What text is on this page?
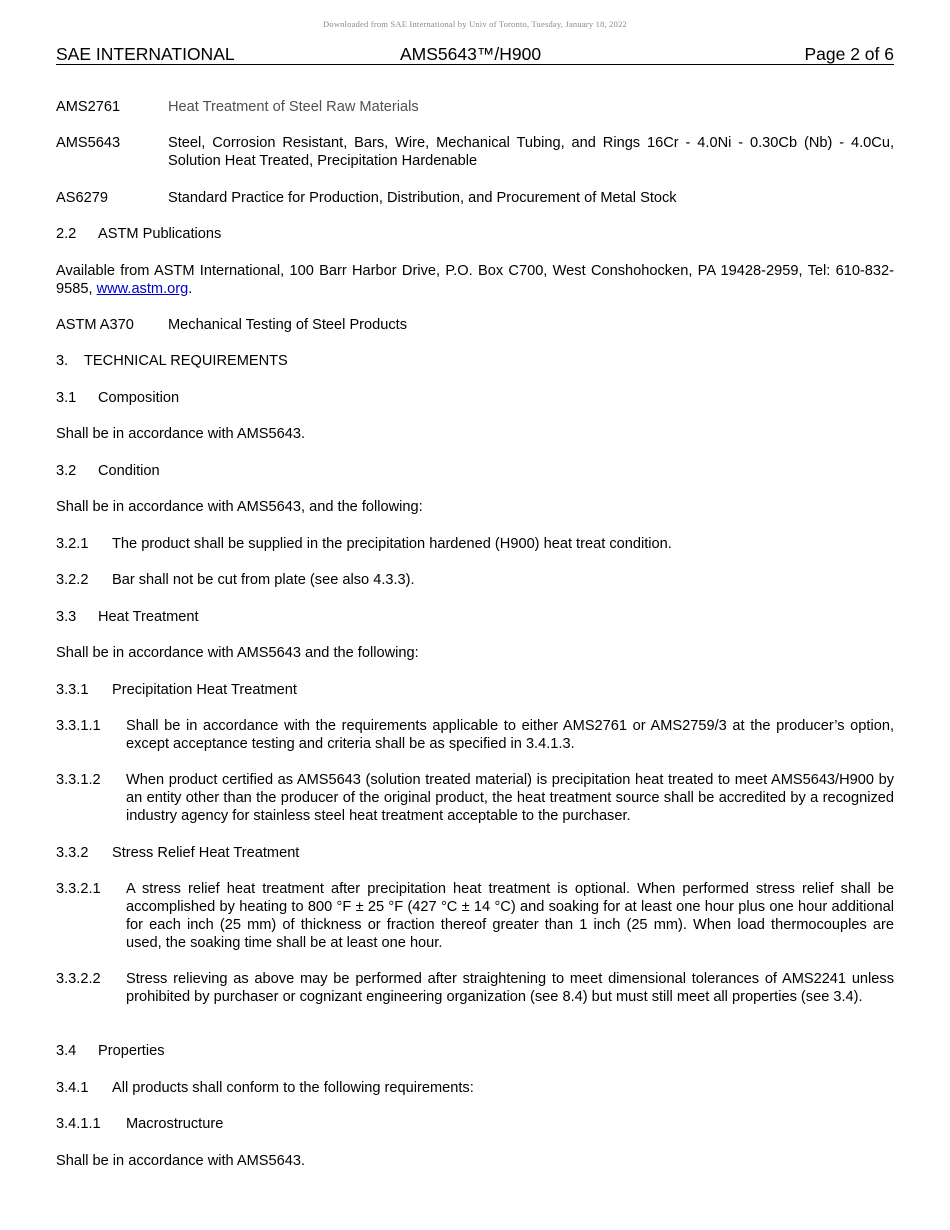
Downloaded from SAE International by Univ of Toronto, Tuesday, January 18, 2022
SAE INTERNATIONAL	AMS5643™/H900	Page 2 of 6
AMS2761	Heat Treatment of Steel Raw Materials
AMS5643	Steel, Corrosion Resistant, Bars, Wire, Mechanical Tubing, and Rings 16Cr - 4.0Ni - 0.30Cb (Nb) - 4.0Cu, Solution Heat Treated, Precipitation Hardenable
AS6279	Standard Practice for Production, Distribution, and Procurement of Metal Stock
2.2 ASTM Publications
Available from ASTM International, 100 Barr Harbor Drive, P.O. Box C700, West Conshohocken, PA 19428-2959, Tel: 610-832-9585, www.astm.org.
ASTM A370 Mechanical Testing of Steel Products
3. TECHNICAL REQUIREMENTS
3.1 Composition
Shall be in accordance with AMS5643.
3.2 Condition
Shall be in accordance with AMS5643, and the following:
3.2.1 The product shall be supplied in the precipitation hardened (H900) heat treat condition.
3.2.2 Bar shall not be cut from plate (see also 4.3.3).
3.3 Heat Treatment
Shall be in accordance with AMS5643 and the following:
3.3.1 Precipitation Heat Treatment
3.3.1.1 Shall be in accordance with the requirements applicable to either AMS2761 or AMS2759/3 at the producer’s option, except acceptance testing and criteria shall be as specified in 3.4.1.3.
3.3.1.2 When product certified as AMS5643 (solution treated material) is precipitation heat treated to meet AMS5643/H900 by an entity other than the producer of the original product, the heat treatment source shall be accredited by a recognized industry agency for stainless steel heat treatment acceptable to the purchaser.
3.3.2 Stress Relief Heat Treatment
3.3.2.1 A stress relief heat treatment after precipitation heat treatment is optional. When performed stress relief shall be accomplished by heating to 800 °F ± 25 °F (427 °C ± 14 °C) and soaking for at least one hour plus one hour additional for each inch (25 mm) of thickness or fraction thereof greater than 1 inch (25 mm). When load thermocouples are used, the soaking time shall be at least one hour.
3.3.2.2 Stress relieving as above may be performed after straightening to meet dimensional tolerances of AMS2241 unless prohibited by purchaser or cognizant engineering organization (see 8.4) but must still meet all properties (see 3.4).
3.4 Properties
3.4.1 All products shall conform to the following requirements:
3.4.1.1 Macrostructure
Shall be in accordance with AMS5643.
